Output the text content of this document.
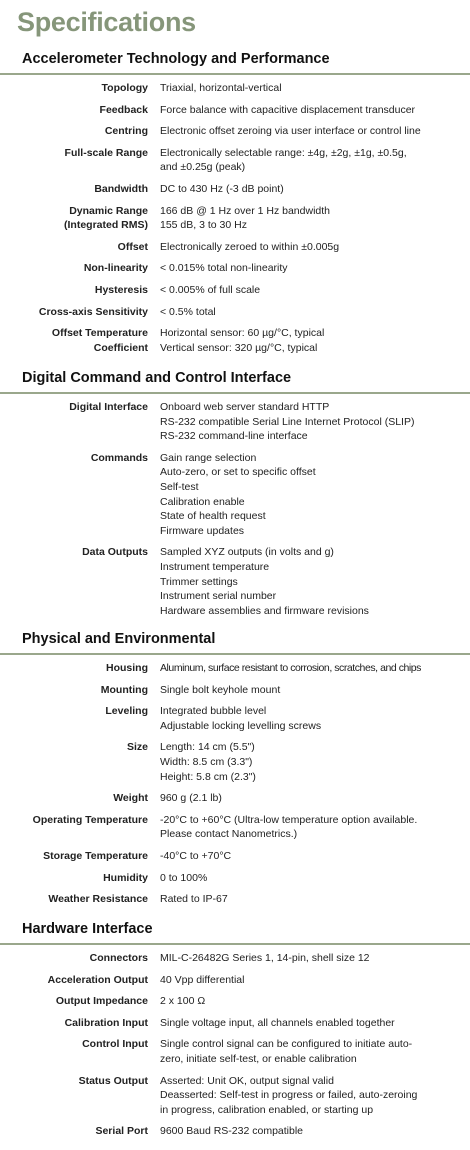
Specifications
Accelerometer Technology and Performance
Topology Triaxial, horizontal-vertical
Feedback Force balance with capacitive displacement transducer
Centring Electronic offset zeroing via user interface or control line
Full-scale Range Electronically selectable range: ±4g, ±2g, ±1g, ±0.5g,
and ±0.25g (peak)
Bandwidth DC to 430 Hz (-3 dB point)
Dynamic Range
(Integrated RMS)
166 dB @ 1 Hz over 1 Hz bandwidth
155 dB, 3 to 30 Hz
Offset Electronically zeroed to within ±0.005g
Non-linearity < 0.015% total non-linearity
Hysteresis < 0.005% of full scale
Cross-axis Sensitivity < 0.5% total
Offset Temperature
Coefficient
Horizontal sensor: 60 µg/°C, typical
Vertical sensor: 320 µg/°C, typical
Digital Command and Control Interface
Digital Interface Onboard web server standard HTTP
RS-232 compatible Serial Line Internet Protocol (SLIP)
RS-232 command-line interface
Commands Gain range selection
Auto-zero, or set to specific offset
Self-test
Calibration enable
State of health request
Firmware updates
Data Outputs Sampled XYZ outputs (in volts and g)
Instrument temperature
Trimmer settings
Instrument serial number
Hardware assemblies and firmware revisions
Physical and Environmental
Housing Aluminum, surface resistant to corrosion, scratches, and chips
Mounting Single bolt keyhole mount
Leveling Integrated bubble level
Adjustable locking levelling screws
Size Length: 14 cm (5.5")
Width: 8.5 cm (3.3")
Height: 5.8 cm (2.3")
Weight 960 g (2.1 lb)
Operating Temperature -20°C to +60°C (Ultra-low temperature option available.
Please contact Nanometrics.)
Storage Temperature -40°C to +70°C
Humidity 0 to 100%
Weather Resistance Rated to IP-67
Hardware Interface
Connectors MIL-C-26482G Series 1, 14-pin, shell size 12
Acceleration Output 40 Vpp differential
Output Impedance 2 x 100 Ω
Calibration Input Single voltage input, all channels enabled together
Control Input Single control signal can be configured to initiate auto-
zero, initiate self-test, or enable calibration
Status Output Asserted: Unit OK, output signal valid
Deasserted: Self-test in progress or failed, auto-zeroing
in progress, calibration enabled, or starting up
Serial Port 9600 Baud RS-232 compatible
